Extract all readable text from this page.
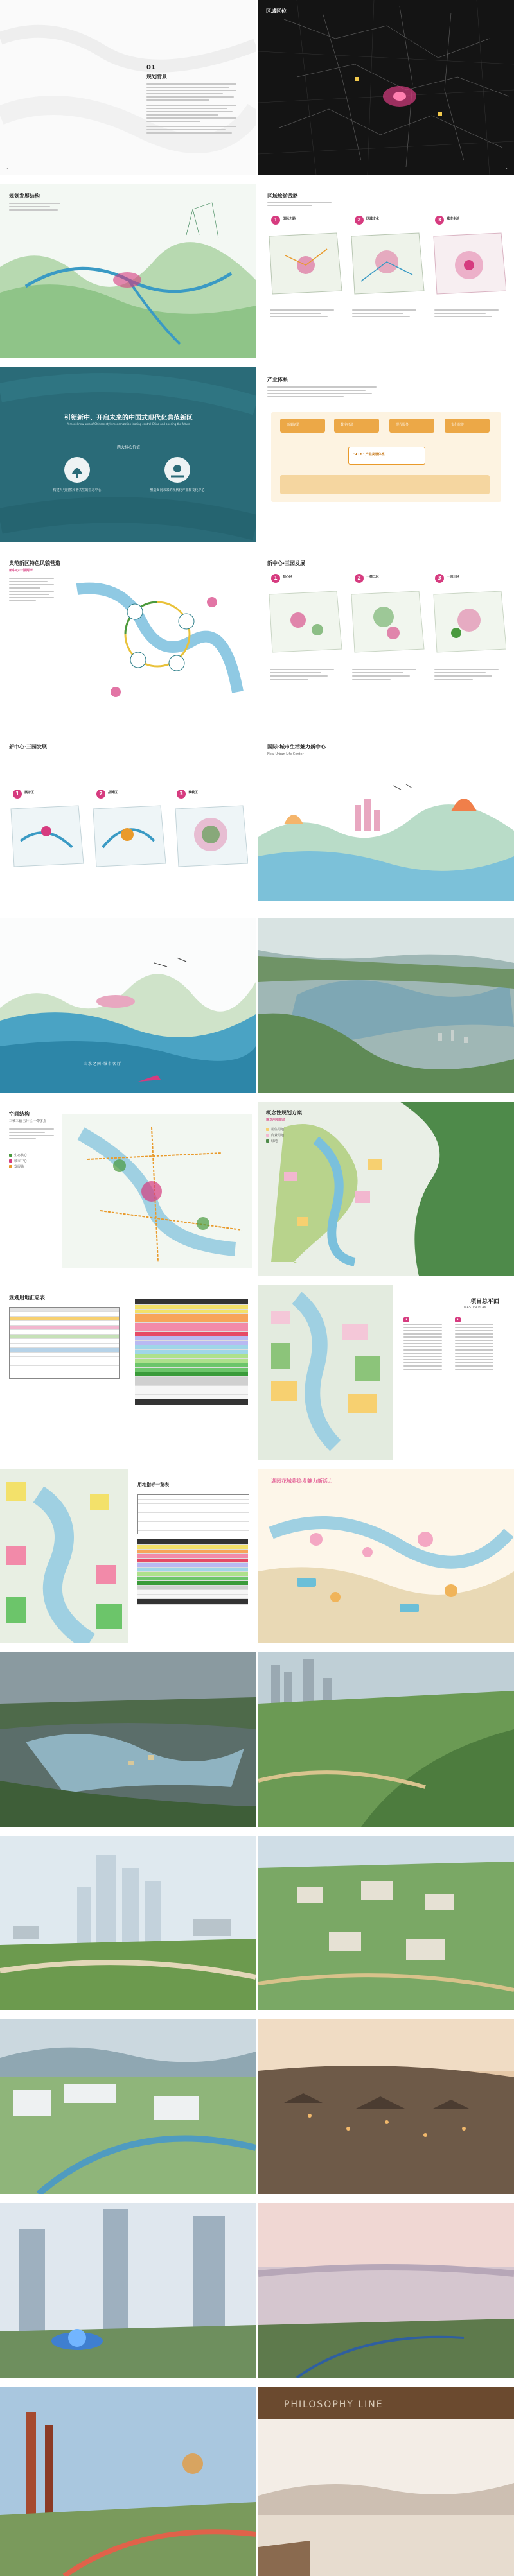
01
规划背景
•
区域区位
•
规划发展结构	区域旅游战略
1	国际之路	2	区域文化	3	城市生活
引领新中、开启未来的中国式现代化典范新区
A model new area of Chinese-style modernization leading central China and opening the future
两大核心价值
构建人与自然和谐共生的生态中心	塑造面向未来的现代化产业和文化中心
产业体系
高端制造	数字经济	现代服务	文化旅游
"1+N" 产业发展体系
典范新区特色风貌营造
新中心·一湖两岸
新中心·三园发展
1	核心区	2	一核二区	3	一园三区
新中心·三园发展
1	展示区	2	品牌区	3	承载区
国际·城市生活魅力新中心
New Urban Life Center
山水之间·城市客厅
空间结构
三核三轴·五片区·一带多点
生态核心
城市中心
发展轴
概念性规划方案
规划用地布局
居住用地
商业用地
绿地
规划用地汇总表
项目总平面
MASTER PLAN
•	•
用地指标一览表
湖园花城将焕发魅力新活力
PHILOSOPHY LINE
